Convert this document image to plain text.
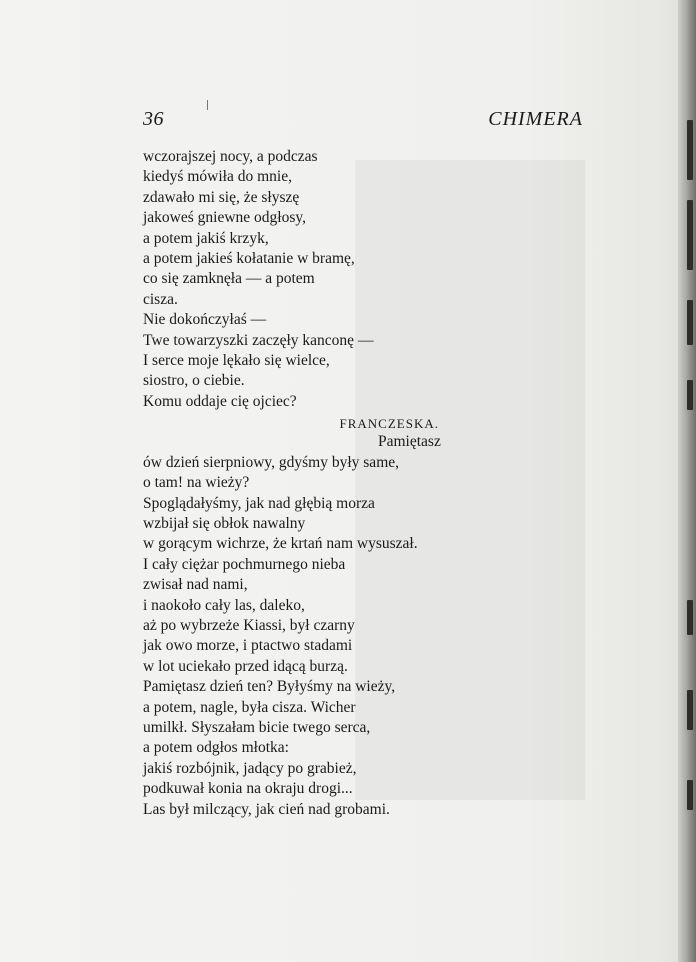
36	CHIMERA
wczorajszej nocy, a podczas
kiedyś mówiła do mnie,
zdawało mi się, że słyszę
jakoweś gniewne odgłosy,
a potem jakiś krzyk,
a potem jakieś kołatanie w bramę,
co się zamknęła — a potem
cisza.
Nie dokończyłaś —
Twe towarzyszki zaczęły kanconę —
I serce moje lękało się wielce,
siostro, o ciebie.
Komu oddaje cię ojciec?
FRANCZESKA.
Pamiętasz
ów dzień sierpniowy, gdyśmy były same,
o tam! na wieży?
Spoglądałyśmy, jak nad głębią morza
wzbijał się obłok nawalny
w gorącym wichrze, że krtań nam wysuszał.
I cały ciężar pochmurnego nieba
zwisał nad nami,
i naokoło cały las, daleko,
aż po wybrzeże Kiassi, był czarny
jak owo morze, i ptactwo stadami
w lot uciekało przed idącą burzą.
Pamiętasz dzień ten? Byłyśmy na wieży,
a potem, nagle, była cisza. Wicher
umilkł. Słyszałam bicie twego serca,
a potem odgłos młotka:
jakiś rozbójnik, jadący po grabież,
podkuwał konia na okraju drogi...
Las był milczący, jak cień nad grobami.
